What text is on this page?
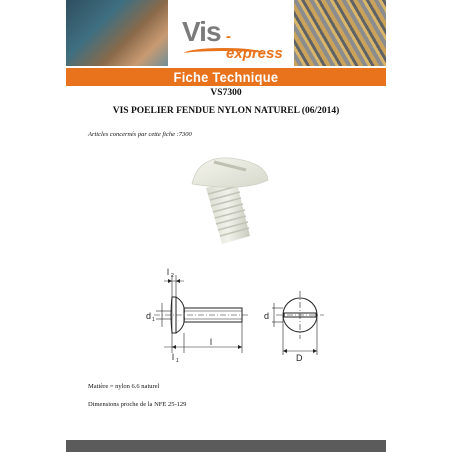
Vis -express
Fiche Technique
VS7300
VIS POELIER FENDUE NYLON NATUREL (06/2014)
Articles concernés par cette fiche :7300
l 2
d 1
l 1
l
d
D
Matière = nylon 6.6 naturel
Dimensions proche de la NFE 25-129
